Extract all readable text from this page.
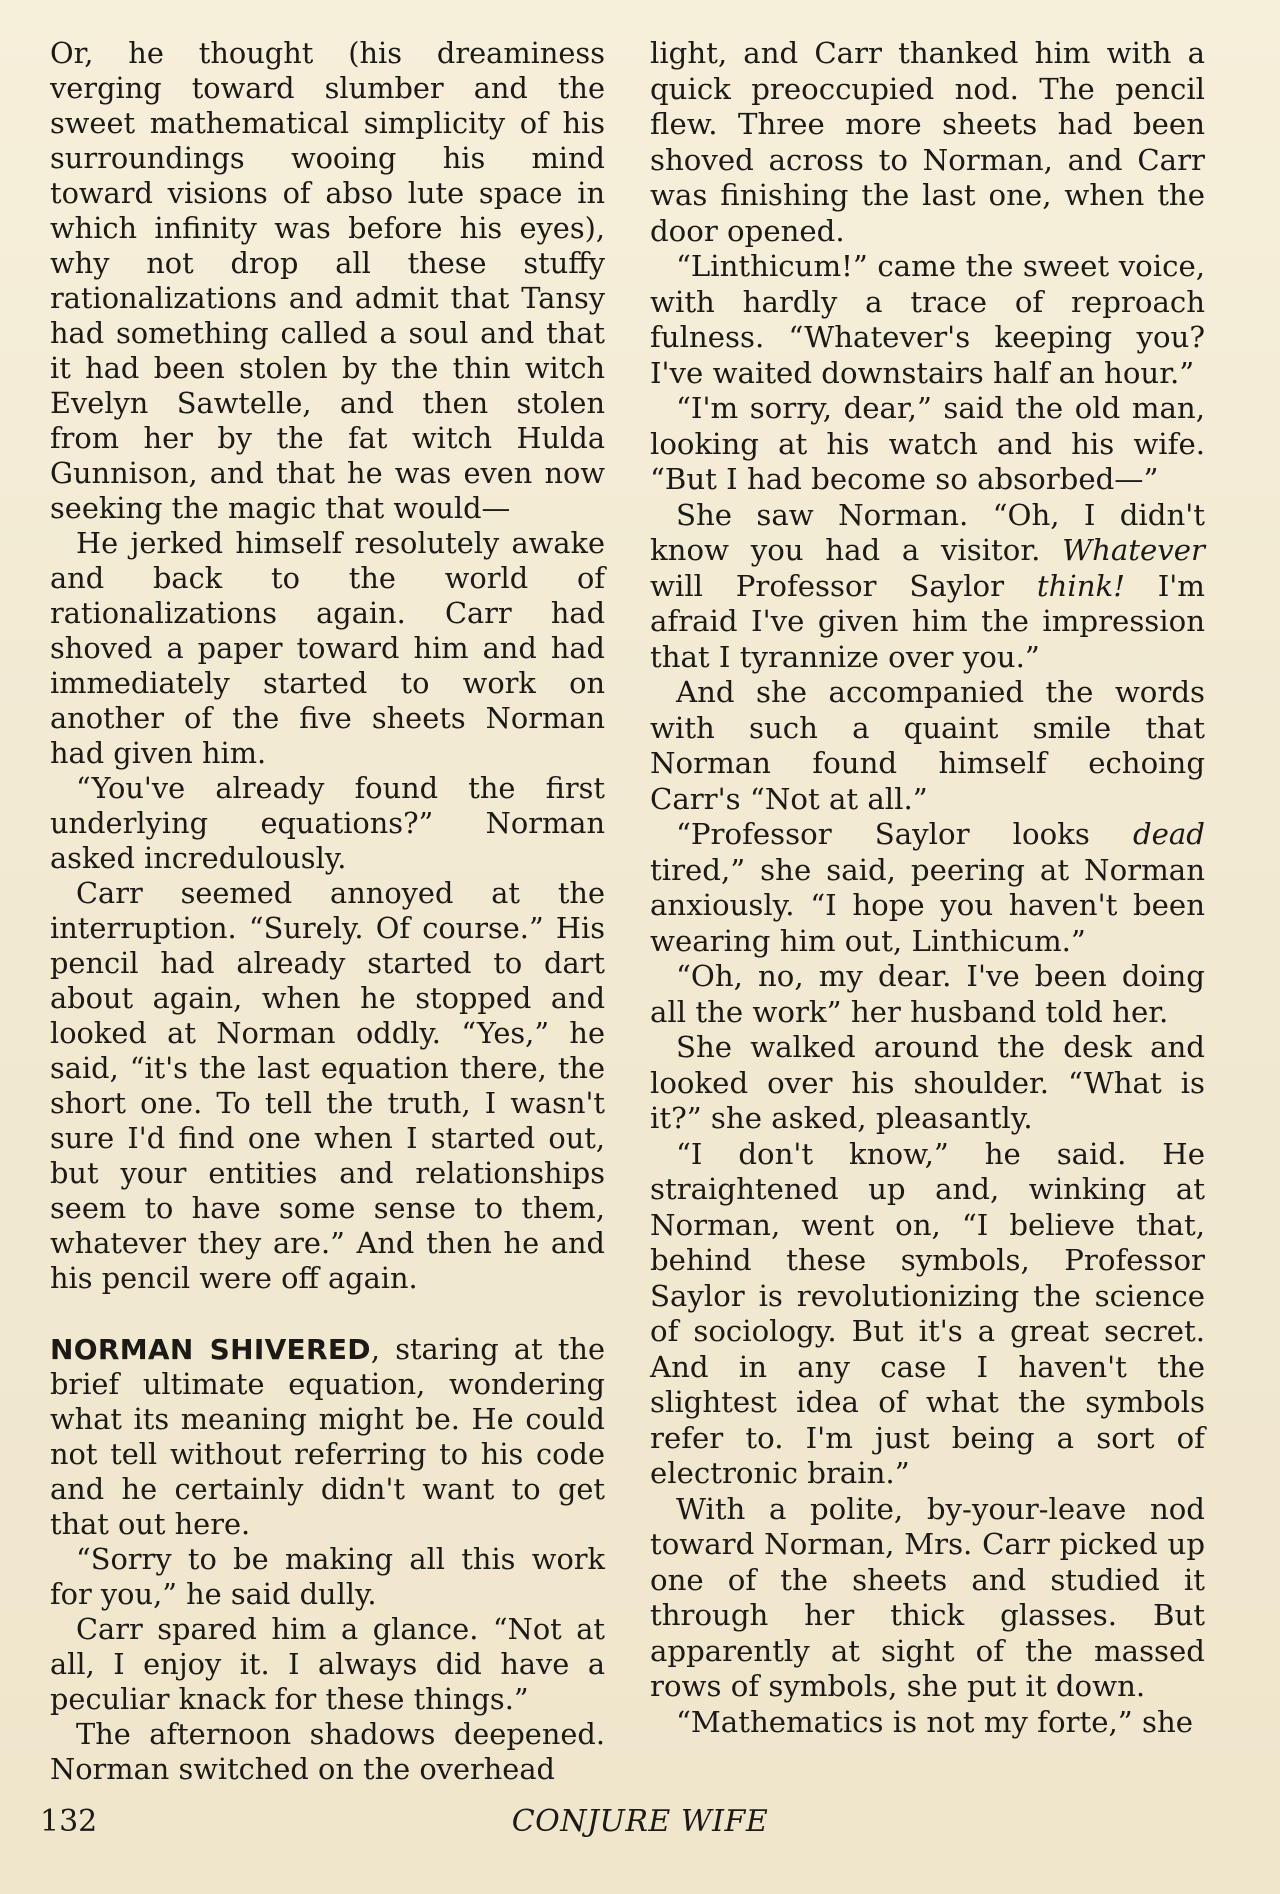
Or, he thought (his dreaminess verging toward slumber and the sweet mathematical simplicity of his surroundings wooing his mind toward visions of abso lute space in which infinity was before his eyes), why not drop all these stuffy rationalizations and admit that Tansy had something called a soul and that it had been stolen by the thin witch Evelyn Sawtelle, and then stolen from her by the fat witch Hulda Gunnison, and that he was even now seeking the magic that would—

He jerked himself resolutely awake and back to the world of rationalizations again. Carr had shoved a paper toward him and had immediately started to work on another of the five sheets Norman had given him.

“You've already found the first underlying equations?” Norman asked incredulously.

Carr seemed annoyed at the interruption. “Surely. Of course.” His pencil had already started to dart about again, when he stopped and looked at Norman oddly. “Yes,” he said, “it's the last equation there, the short one. To tell the truth, I wasn't sure I'd find one when I started out, but your entities and relationships seem to have some sense to them, whatever they are.” And then he and his pencil were off again.

NORMAN SHIVERED, staring at the brief ultimate equation, wondering what its meaning might be. He could not tell without referring to his code and he certainly didn't want to get that out here.

“Sorry to be making all this work for you,” he said dully.

Carr spared him a glance. “Not at all, I enjoy it. I always did have a peculiar knack for these things.”

The afternoon shadows deepened. Norman switched on the overhead

light, and Carr thanked him with a quick preoccupied nod. The pencil flew. Three more sheets had been shoved across to Norman, and Carr was finishing the last one, when the door opened.

“Linthicum!” came the sweet voice, with hardly a trace of reproach fulness. “Whatever's keeping you? I've waited downstairs half an hour.”

“I'm sorry, dear,” said the old man, looking at his watch and his wife. “But I had become so absorbed—”

She saw Norman. “Oh, I didn't know you had a visitor. Whatever will Professor Saylor think! I'm afraid I've given him the impression that I tyrannize over you.”

And she accompanied the words with such a quaint smile that Norman found himself echoing Carr's “Not at all.”

“Professor Saylor looks dead tired,” she said, peering at Norman anxiously. “I hope you haven't been wearing him out, Linthicum.”

“Oh, no, my dear. I've been doing all the work” her husband told her.

She walked around the desk and looked over his shoulder. “What is it?” she asked, pleasantly.

“I don't know,” he said. He straightened up and, winking at Norman, went on, “I believe that, behind these symbols, Professor Saylor is revolutionizing the science of sociology. But it's a great secret. And in any case I haven't the slightest idea of what the symbols refer to. I'm just being a sort of electronic brain.”

With a polite, by-your-leave nod toward Norman, Mrs. Carr picked up one of the sheets and studied it through her thick glasses. But apparently at sight of the massed rows of symbols, she put it down.

“Mathematics is not my forte,” she

132	CONJURE WIFE
